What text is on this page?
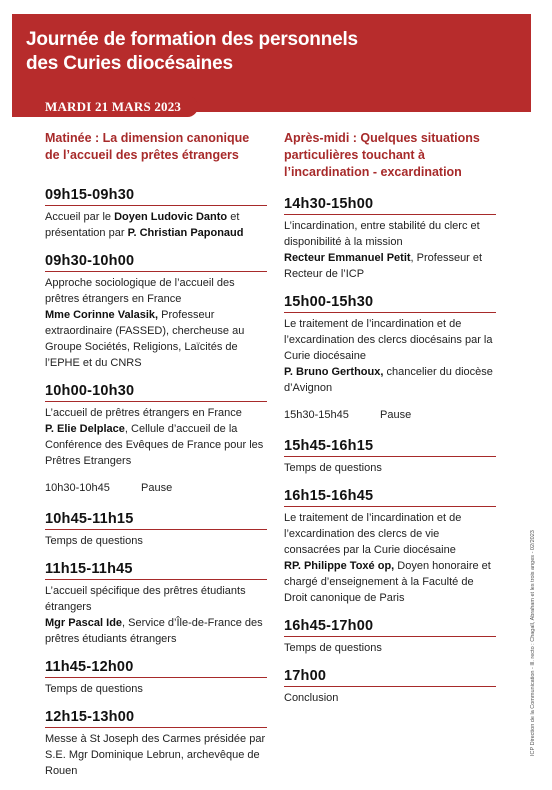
Journée de formation des personnels
des Curies diocésaines
MARDI 21 MARS 2023
Matinée : La dimension canonique de l’accueil des prêtes étrangers
09h15-09h30
Accueil par le Doyen Ludovic Danto et présentation par P. Christian Paponaud
09h30-10h00
Approche sociologique de l’accueil des prêtres étrangers en France
Mme Corinne Valasik, Professeur extraordinaire (FASSED), chercheuse au Groupe Sociétés, Religions, Laïcités de l’EPHE et du CNRS
10h00-10h30
L’accueil de prêtres étrangers en France
P. Elie Delplace, Cellule d’accueil de la Conférence des Evêques de France pour les Prêtres Etrangers
10h30-10h45	Pause
10h45-11h15
Temps de questions
11h15-11h45
L’accueil spécifique des prêtres étudiants étrangers
Mgr Pascal Ide, Service d’Île-de-France des prêtres étudiants étrangers
11h45-12h00
Temps de questions
12h15-13h00
Messe à St Joseph des Carmes présidée par S.E. Mgr Dominique Lebrun, archevêque de Rouen
Après-midi : Quelques situations particulières touchant à l’incardination - excardination
14h30-15h00
L’incardination, entre stabilité du clerc et disponibilité à la mission
Recteur Emmanuel Petit, Professeur et Recteur de l’ICP
15h00-15h30
Le traitement de l’incardination et de l’excardination des clercs diocésains par la Curie diocésaine
P. Bruno Gerthoux, chancelier du diocèse d’Avignon
15h30-15h45	Pause
15h45-16h15
Temps de questions
16h15-16h45
Le traitement de l’incardination et de l’excardination des clercs de vie consacrées par la Curie diocésaine
RP. Philippe Toxé op, Doyen honoraire et chargé d’enseignement à la Faculté de Droit canonique de Paris
16h45-17h00
Temps de questions
17h00
Conclusion	ICP Direction de la Communication - Ill. recto : Chagall, Abraham et les trois anges - 02/2023
